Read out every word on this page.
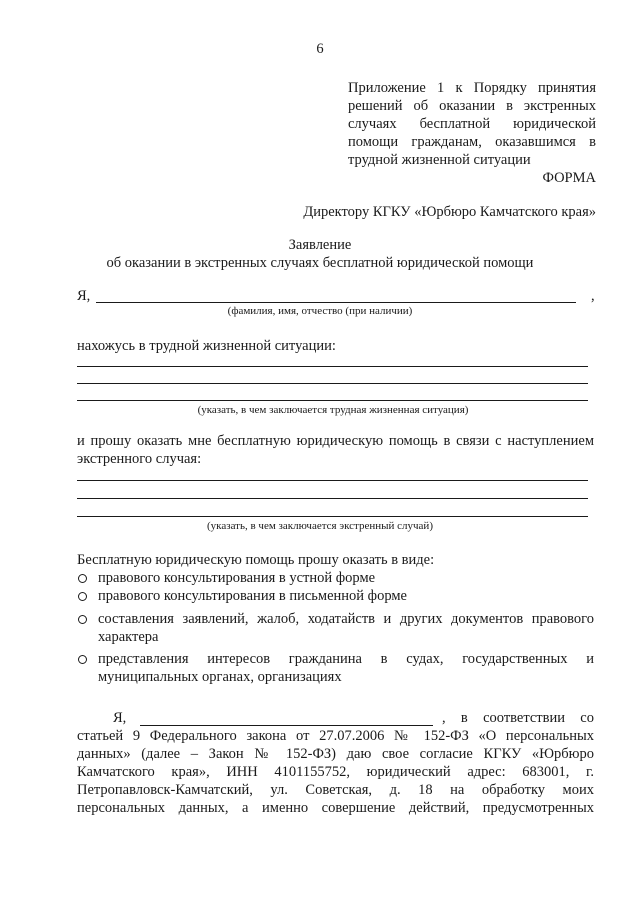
6
Приложение 1 к Порядку принятия
решений об оказании в экстренных
случаях бесплатной юридической
помощи гражданам, оказавшимся в
трудной жизненной ситуации
ФОРМА
Директору КГКУ «Юрбюро Камчатского края»
Заявление
об оказании в экстренных случаях бесплатной юридической помощи
Я,	,
(фамилия, имя, отчество (при наличии)
нахожусь в трудной жизненной ситуации:
(указать, в чем заключается трудная жизненная ситуация)
и прошу оказать мне бесплатную юридическую помощь в связи с наступлением
экстренного случая:
(указать, в чем заключается экстренный случай)
Бесплатную юридическую помощь прошу оказать в виде:
правового консультирования в устной форме
правового консультирования в письменной форме
составления заявлений, жалоб, ходатайств и других документов правового
характера
представления интересов гражданина в судах, государственных и
муниципальных органах, организациях
Я,	, в соответствии со
статьей 9 Федерального закона от 27.07.2006 № 152-ФЗ «О персональных
данных» (далее – Закон № 152-ФЗ) даю свое согласие КГКУ «Юрбюро
Камчатского края», ИНН 4101155752, юридический адрес: 683001, г.
Петропавловск-Камчатский, ул. Советская, д. 18 на обработку моих
персональных данных, а именно совершение действий, предусмотренных
